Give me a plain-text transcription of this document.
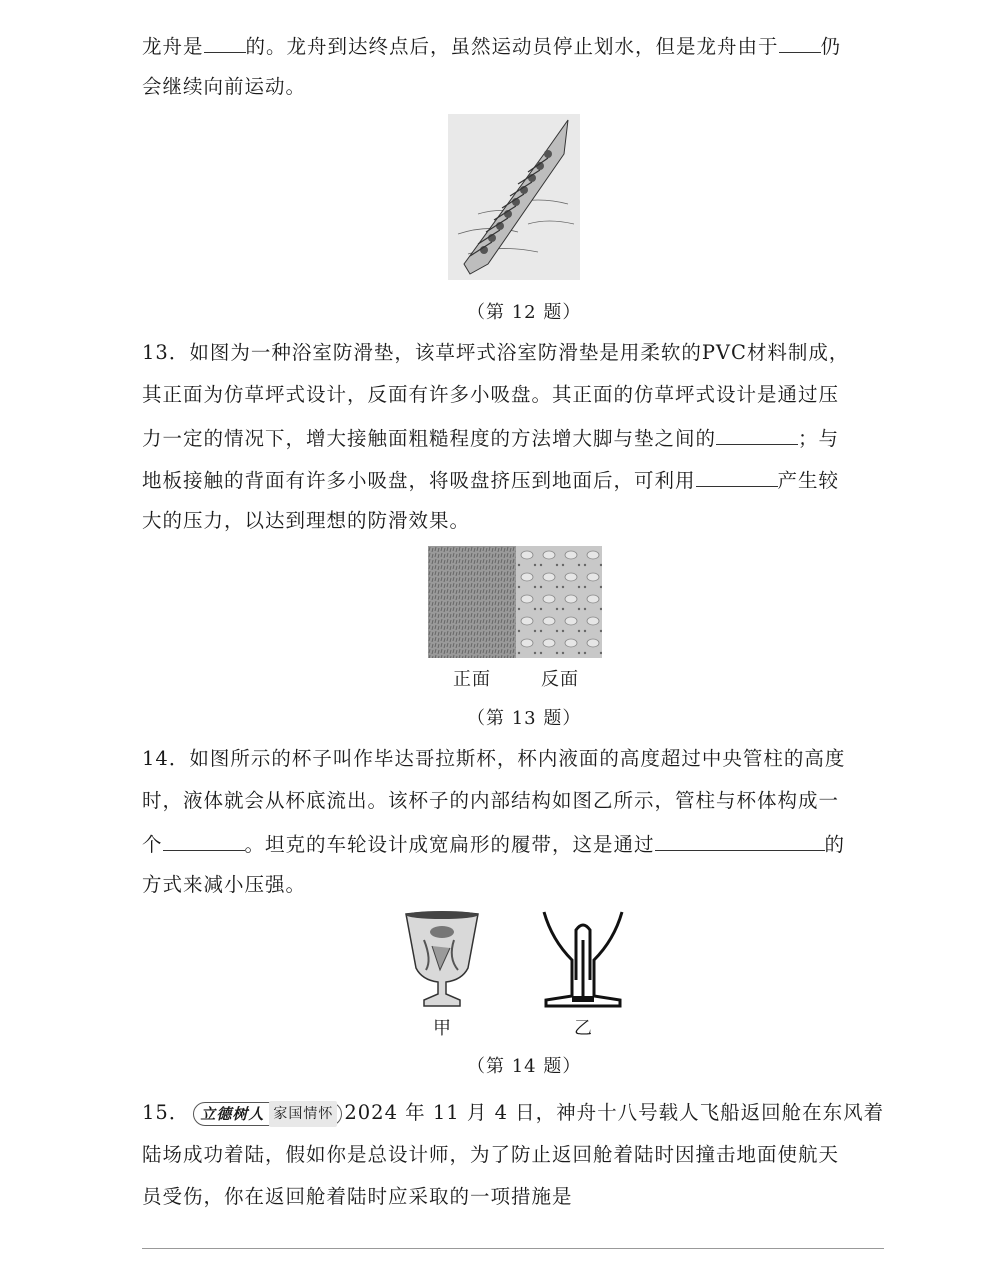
龙舟是 的。龙舟到达终点后，虽然运动员停止划水，但是龙舟由于 仍
会继续向前运动。
（第 12 题）
13．如图为一种浴室防滑垫，该草坪式浴室防滑垫是用柔软的PVC材料制成，
其正面为仿草坪式设计，反面有许多小吸盘。其正面的仿草坪式设计是通过压
力一定的情况下，增大接触面粗糙程度的方法增大脚与垫之间的	；与
地板接触的背面有许多小吸盘，将吸盘挤压到地面后，可利用	产生较
大的压力，以达到理想的防滑效果。
正面	反面
（第 13 题）
14．如图所示的杯子叫作毕达哥拉斯杯，杯内液面的高度超过中央管柱的高度
时，液体就会从杯底流出。该杯子的内部结构如图乙所示，管柱与杯体构成一
个	。坦克的车轮设计成宽扁形的履带，这是通过	的
方式来减小压强。
甲	乙
（第 14 题）
15． 立德树人 家国情怀 2024 年 11 月 4 日，神舟十八号载人飞船返回舱在东风着
陆场成功着陆，假如你是总设计师，为了防止返回舱着陆时因撞击地面使航天
员受伤，你在返回舱着陆时应采取的一项措施是
